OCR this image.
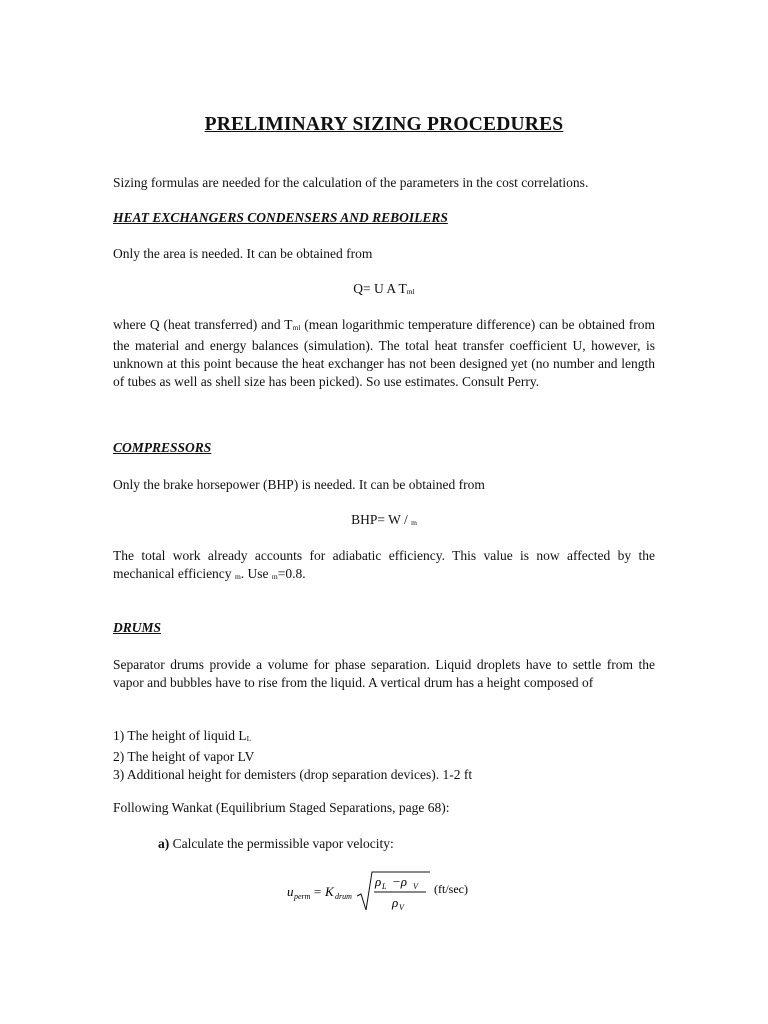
PRELIMINARY SIZING PROCEDURES
Sizing formulas are needed for the calculation of the parameters in the cost correlations.
HEAT EXCHANGERS CONDENSERS AND REBOILERS
Only the area is needed. It can be obtained from
Q= U A $T_{ml}$
where Q (heat transferred) and $T_{ml}$ (mean logarithmic temperature difference) can be obtained from the material and energy balances (simulation). The total heat transfer coefficient U, however, is unknown at this point because the heat exchanger has not been designed yet (no number and length of tubes as well as shell size has been picked). So use estimates. Consult Perry.
COMPRESSORS
Only the brake horsepower (BHP) is needed. It can be obtained from
BHP= W / $_m$
The total work already accounts for adiabatic efficiency. This value is now affected by the mechanical efficiency $_m$. Use $_m$=0.8.
DRUMS
Separator drums provide a volume for phase separation. Liquid droplets have to settle from the vapor and bubbles have to rise from the liquid. A vertical drum has a height composed of
1) The height of liquid $L_L$
2) The height of vapor LV
3) Additional height for demisters (drop separation devices). 1-2 ft
Following Wankat (Equilibrium Staged Separations, page 68):
a) Calculate the permissible vapor velocity:
u perm = K drum
ρ L −ρ V
ρ V
(ft/sec)
